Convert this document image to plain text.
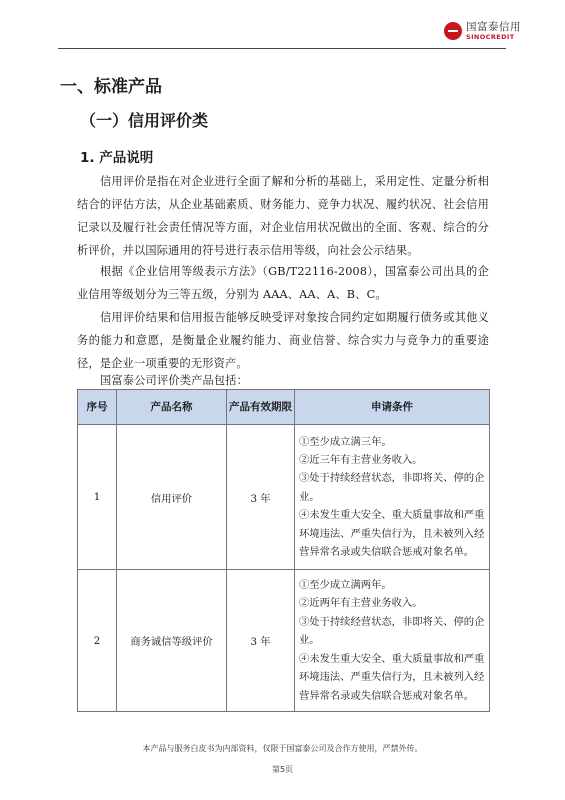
国富泰信用
SINOCREDIT
一、标准产品
（一）信用评价类
1. 产品说明

信用评价是指在对企业进行全面了解和分析的基础上，采用定性、定量分析相结合的评估方法，从企业基础素质、财务能力、竞争力状况、履约状况、社会信用记录以及履行社会责任情况等方面，对企业信用状况做出的全面、客观、综合的分析评价，并以国际通用的符号进行表示信用等级，向社会公示结果。

根据《企业信用等级表示方法》（GB/T22116-2008），国富泰公司出具的企业信用等级划分为三等五级，分别为 AAA、AA、A、B、C。

信用评价结果和信用报告能够反映受评对象按合同约定如期履行债务或其他义务的能力和意愿，是衡量企业履约能力、商业信誉、综合实力与竞争力的重要途径，是企业一项重要的无形资产。

国富泰公司评价类产品包括：

序号	产品名称	产品有效期限	申请条件
1	信用评价	3 年	①至少成立满三年。
②近三年有主营业务收入。
③处于持续经营状态，非即将关、停的企业。
④未发生重大安全、重大质量事故和严重环境违法、严重失信行为，且未被列入经营异常名录或失信联合惩戒对象名单。

2	商务诚信等级评价	3 年	①至少成立满两年。
②近两年有主营业务收入。
③处于持续经营状态，非即将关、停的企业。
④未发生重大安全、重大质量事故和严重环境违法、严重失信行为，且未被列入经营异常名录或失信联合惩戒对象名单。
本产品与服务白皮书为内部资料，仅限于国富泰公司及合作方使用，严禁外传。
第5页
